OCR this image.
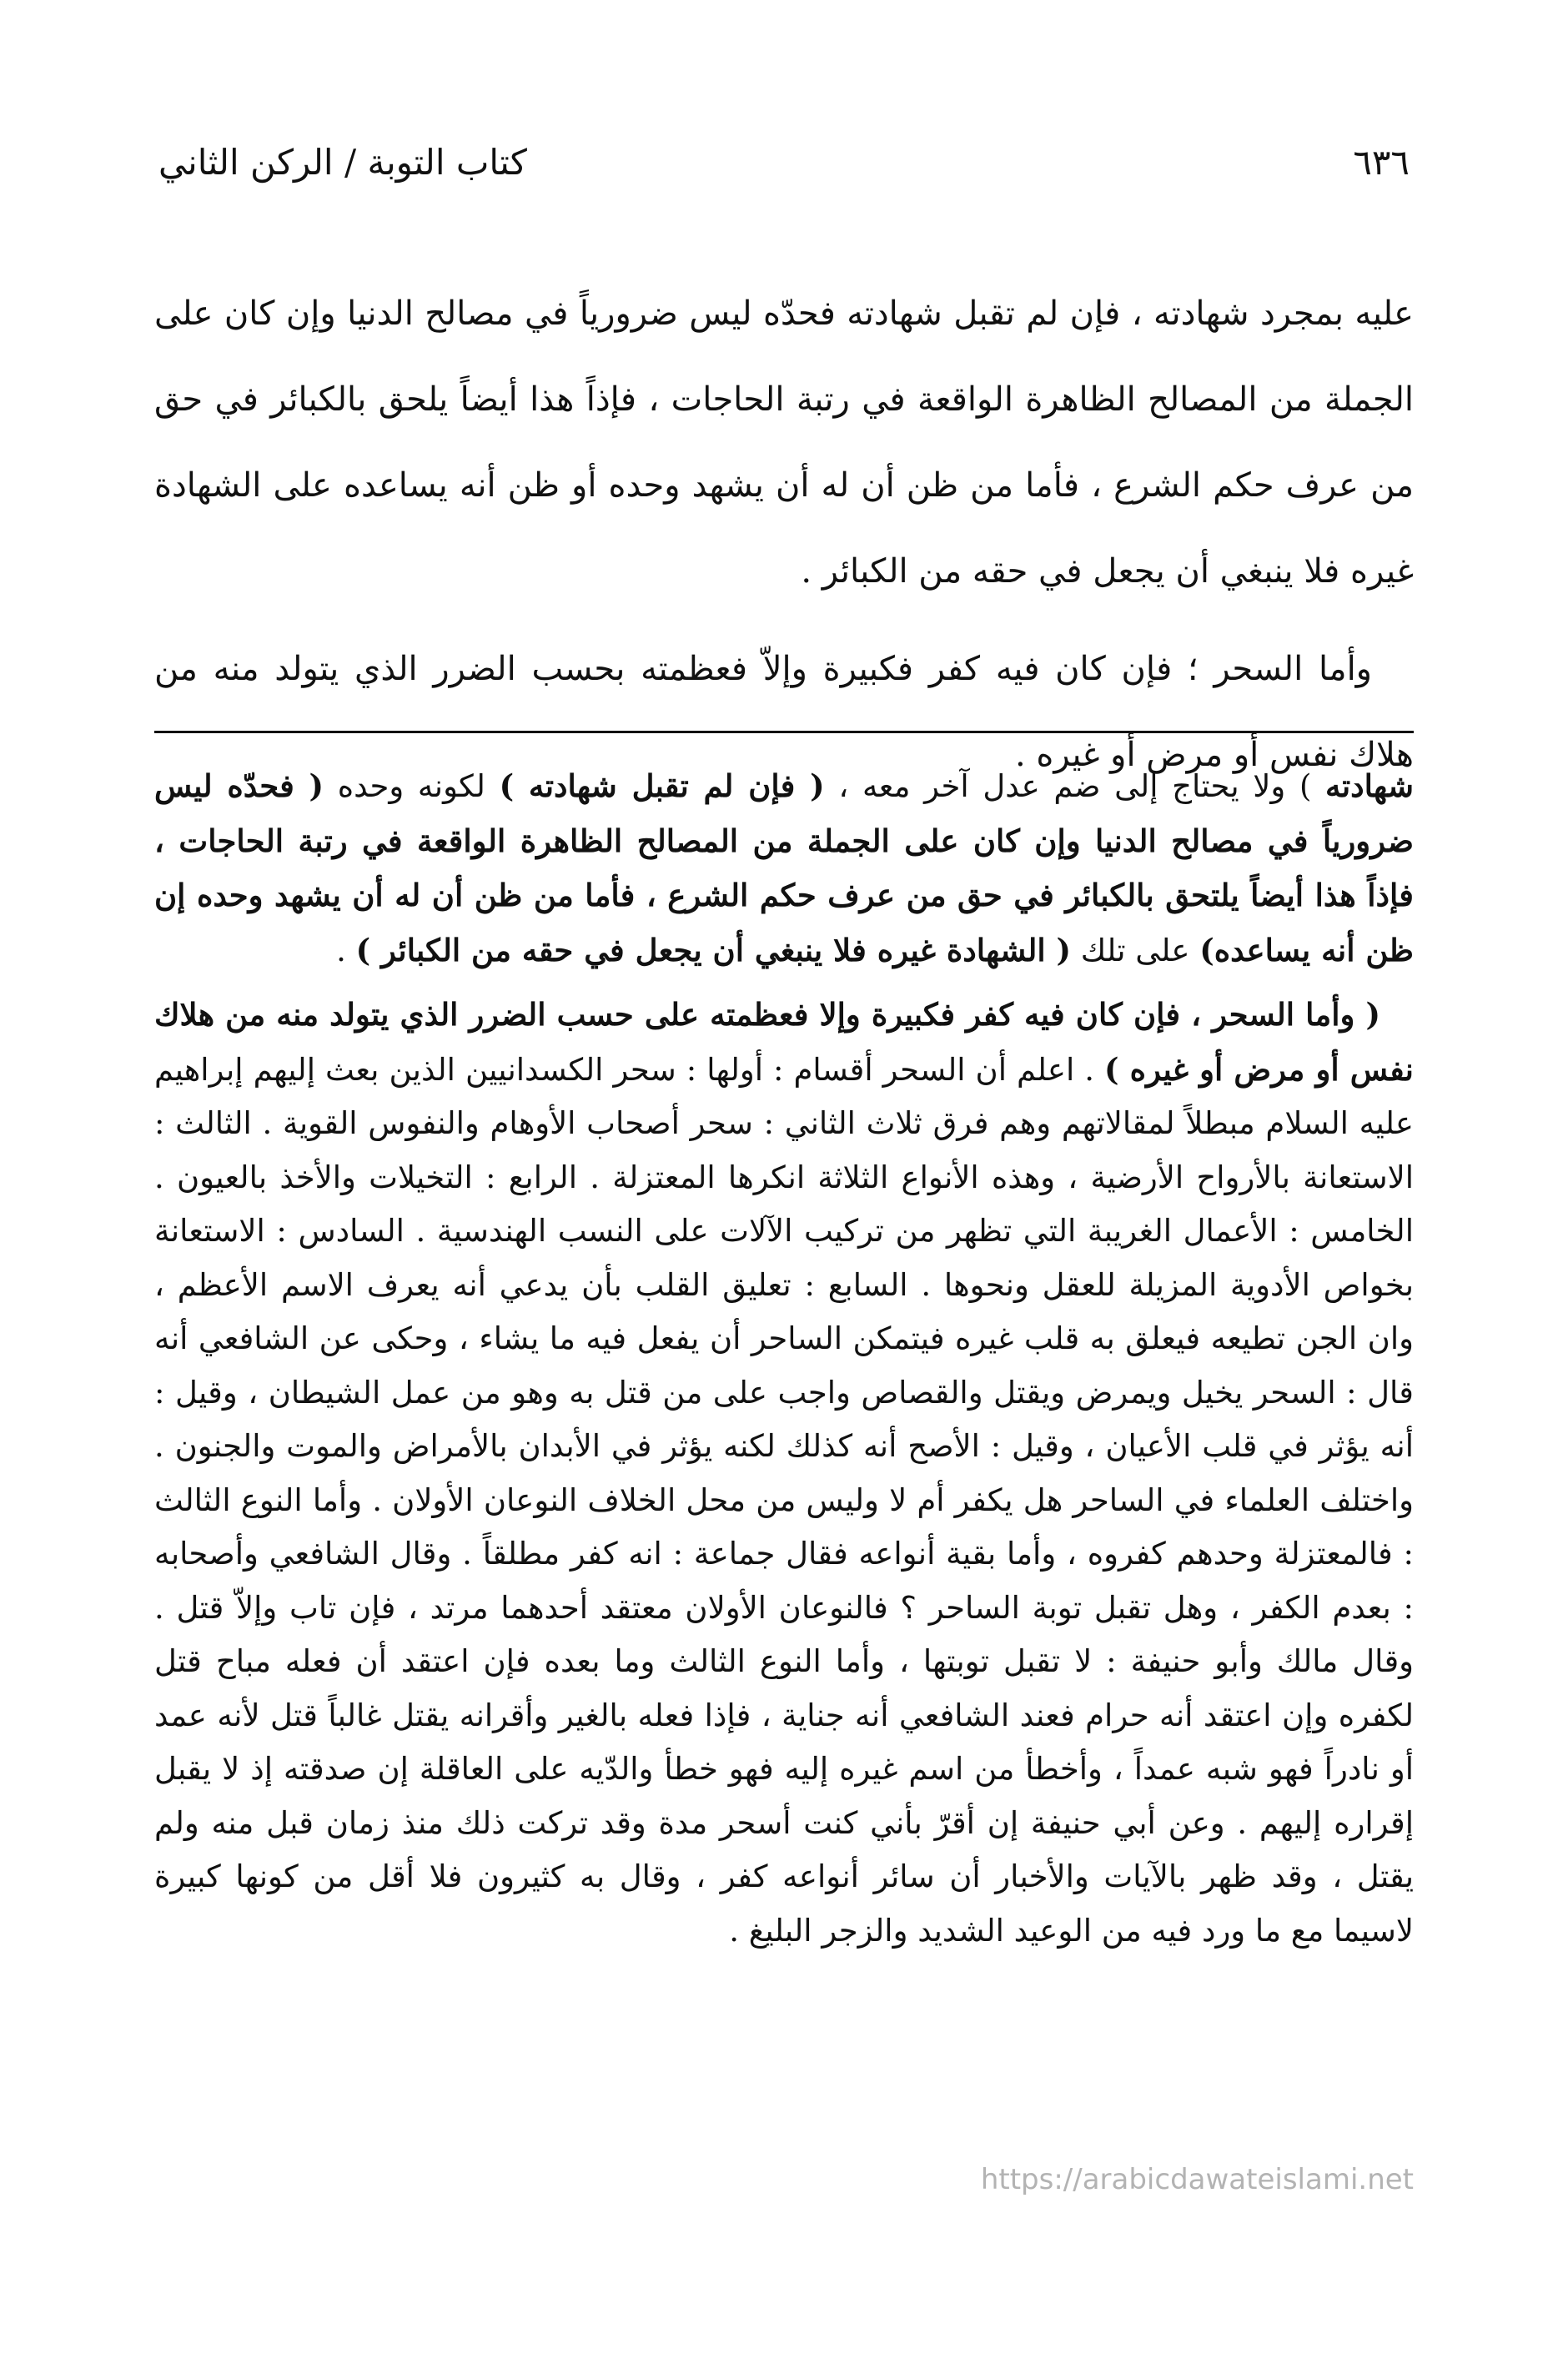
٦٣٦
كتاب التوبة / الركن الثاني

عليه بمجرد شهادته ، فإن لم تقبل شهادته فحدّه ليس ضرورياً في مصالح الدنيا وإن كان على الجملة من المصالح الظاهرة الواقعة في رتبة الحاجات ، فإذاً هذا أيضاً يلحق بالكبائر في حق من عرف حكم الشرع ، فأما من ظن أن له أن يشهد وحده أو ظن أنه يساعده على الشهادة غيره فلا ينبغي أن يجعل في حقه من الكبائر .

وأما السحر ؛ فإن كان فيه كفر فكبيرة وإلاّ فعظمته بحسب الضرر الذي يتولد منه من هلاك نفس أو مرض أو غيره .

شهادته ) ولا يحتاج إلى ضم عدل آخر معه ، ( فإن لم تقبل شهادته ) لكونه وحده ( فحدّه ليس ضرورياً في مصالح الدنيا وإن كان على الجملة من المصالح الظاهرة الواقعة في رتبة الحاجات ، فإذاً هذا أيضاً يلتحق بالكبائر في حق من عرف حكم الشرع ، فأما من ظن أن له أن يشهد وحده إن ظن أنه يساعده) على تلك ( الشهادة غيره فلا ينبغي أن يجعل في حقه من الكبائر ) .

( وأما السحر ، فإن كان فيه كفر فكبيرة وإلا فعظمته على حسب الضرر الذي يتولد منه من هلاك نفس أو مرض أو غيره ) . اعلم أن السحر أقسام : أولها : سحر الكسدانيين الذين بعث إليهم إبراهيم عليه السلام مبطلاً لمقالاتهم وهم فرق ثلاث الثاني : سحر أصحاب الأوهام والنفوس القوية . الثالث : الاستعانة بالأرواح الأرضية ، وهذه الأنواع الثلاثة انكرها المعتزلة . الرابع : التخيلات والأخذ بالعيون . الخامس : الأعمال الغريبة التي تظهر من تركيب الآلات على النسب الهندسية . السادس : الاستعانة بخواص الأدوية المزيلة للعقل ونحوها . السابع : تعليق القلب بأن يدعي أنه يعرف الاسم الأعظم ، وان الجن تطيعه فيعلق به قلب غيره فيتمكن الساحر أن يفعل فيه ما يشاء ، وحكى عن الشافعي أنه قال : السحر يخيل ويمرض ويقتل والقصاص واجب على من قتل به وهو من عمل الشيطان ، وقيل : أنه يؤثر في قلب الأعيان ، وقيل : الأصح أنه كذلك لكنه يؤثر في الأبدان بالأمراض والموت والجنون . واختلف العلماء في الساحر هل يكفر أم لا وليس من محل الخلاف النوعان الأولان . وأما النوع الثالث : فالمعتزلة وحدهم كفروه ، وأما بقية أنواعه فقال جماعة : انه كفر مطلقاً . وقال الشافعي وأصحابه : بعدم الكفر ، وهل تقبل توبة الساحر ؟ فالنوعان الأولان معتقد أحدهما مرتد ، فإن تاب وإلاّ قتل . وقال مالك وأبو حنيفة : لا تقبل توبتها ، وأما النوع الثالث وما بعده فإن اعتقد أن فعله مباح قتل لكفره وإن اعتقد أنه حرام فعند الشافعي أنه جناية ، فإذا فعله بالغير وأقرانه يقتل غالباً قتل لأنه عمد أو نادراً فهو شبه عمداً ، وأخطأ من اسم غيره إليه فهو خطأ والدّيه على العاقلة إن صدقته إذ لا يقبل إقراره إليهم . وعن أبي حنيفة إن أقرّ بأني كنت أسحر مدة وقد تركت ذلك منذ زمان قبل منه ولم يقتل ، وقد ظهر بالآيات والأخبار أن سائر أنواعه كفر ، وقال به كثيرون فلا أقل من كونها كبيرة لاسيما مع ما ورد فيه من الوعيد الشديد والزجر البليغ .

https://arabicdawateislami.net
